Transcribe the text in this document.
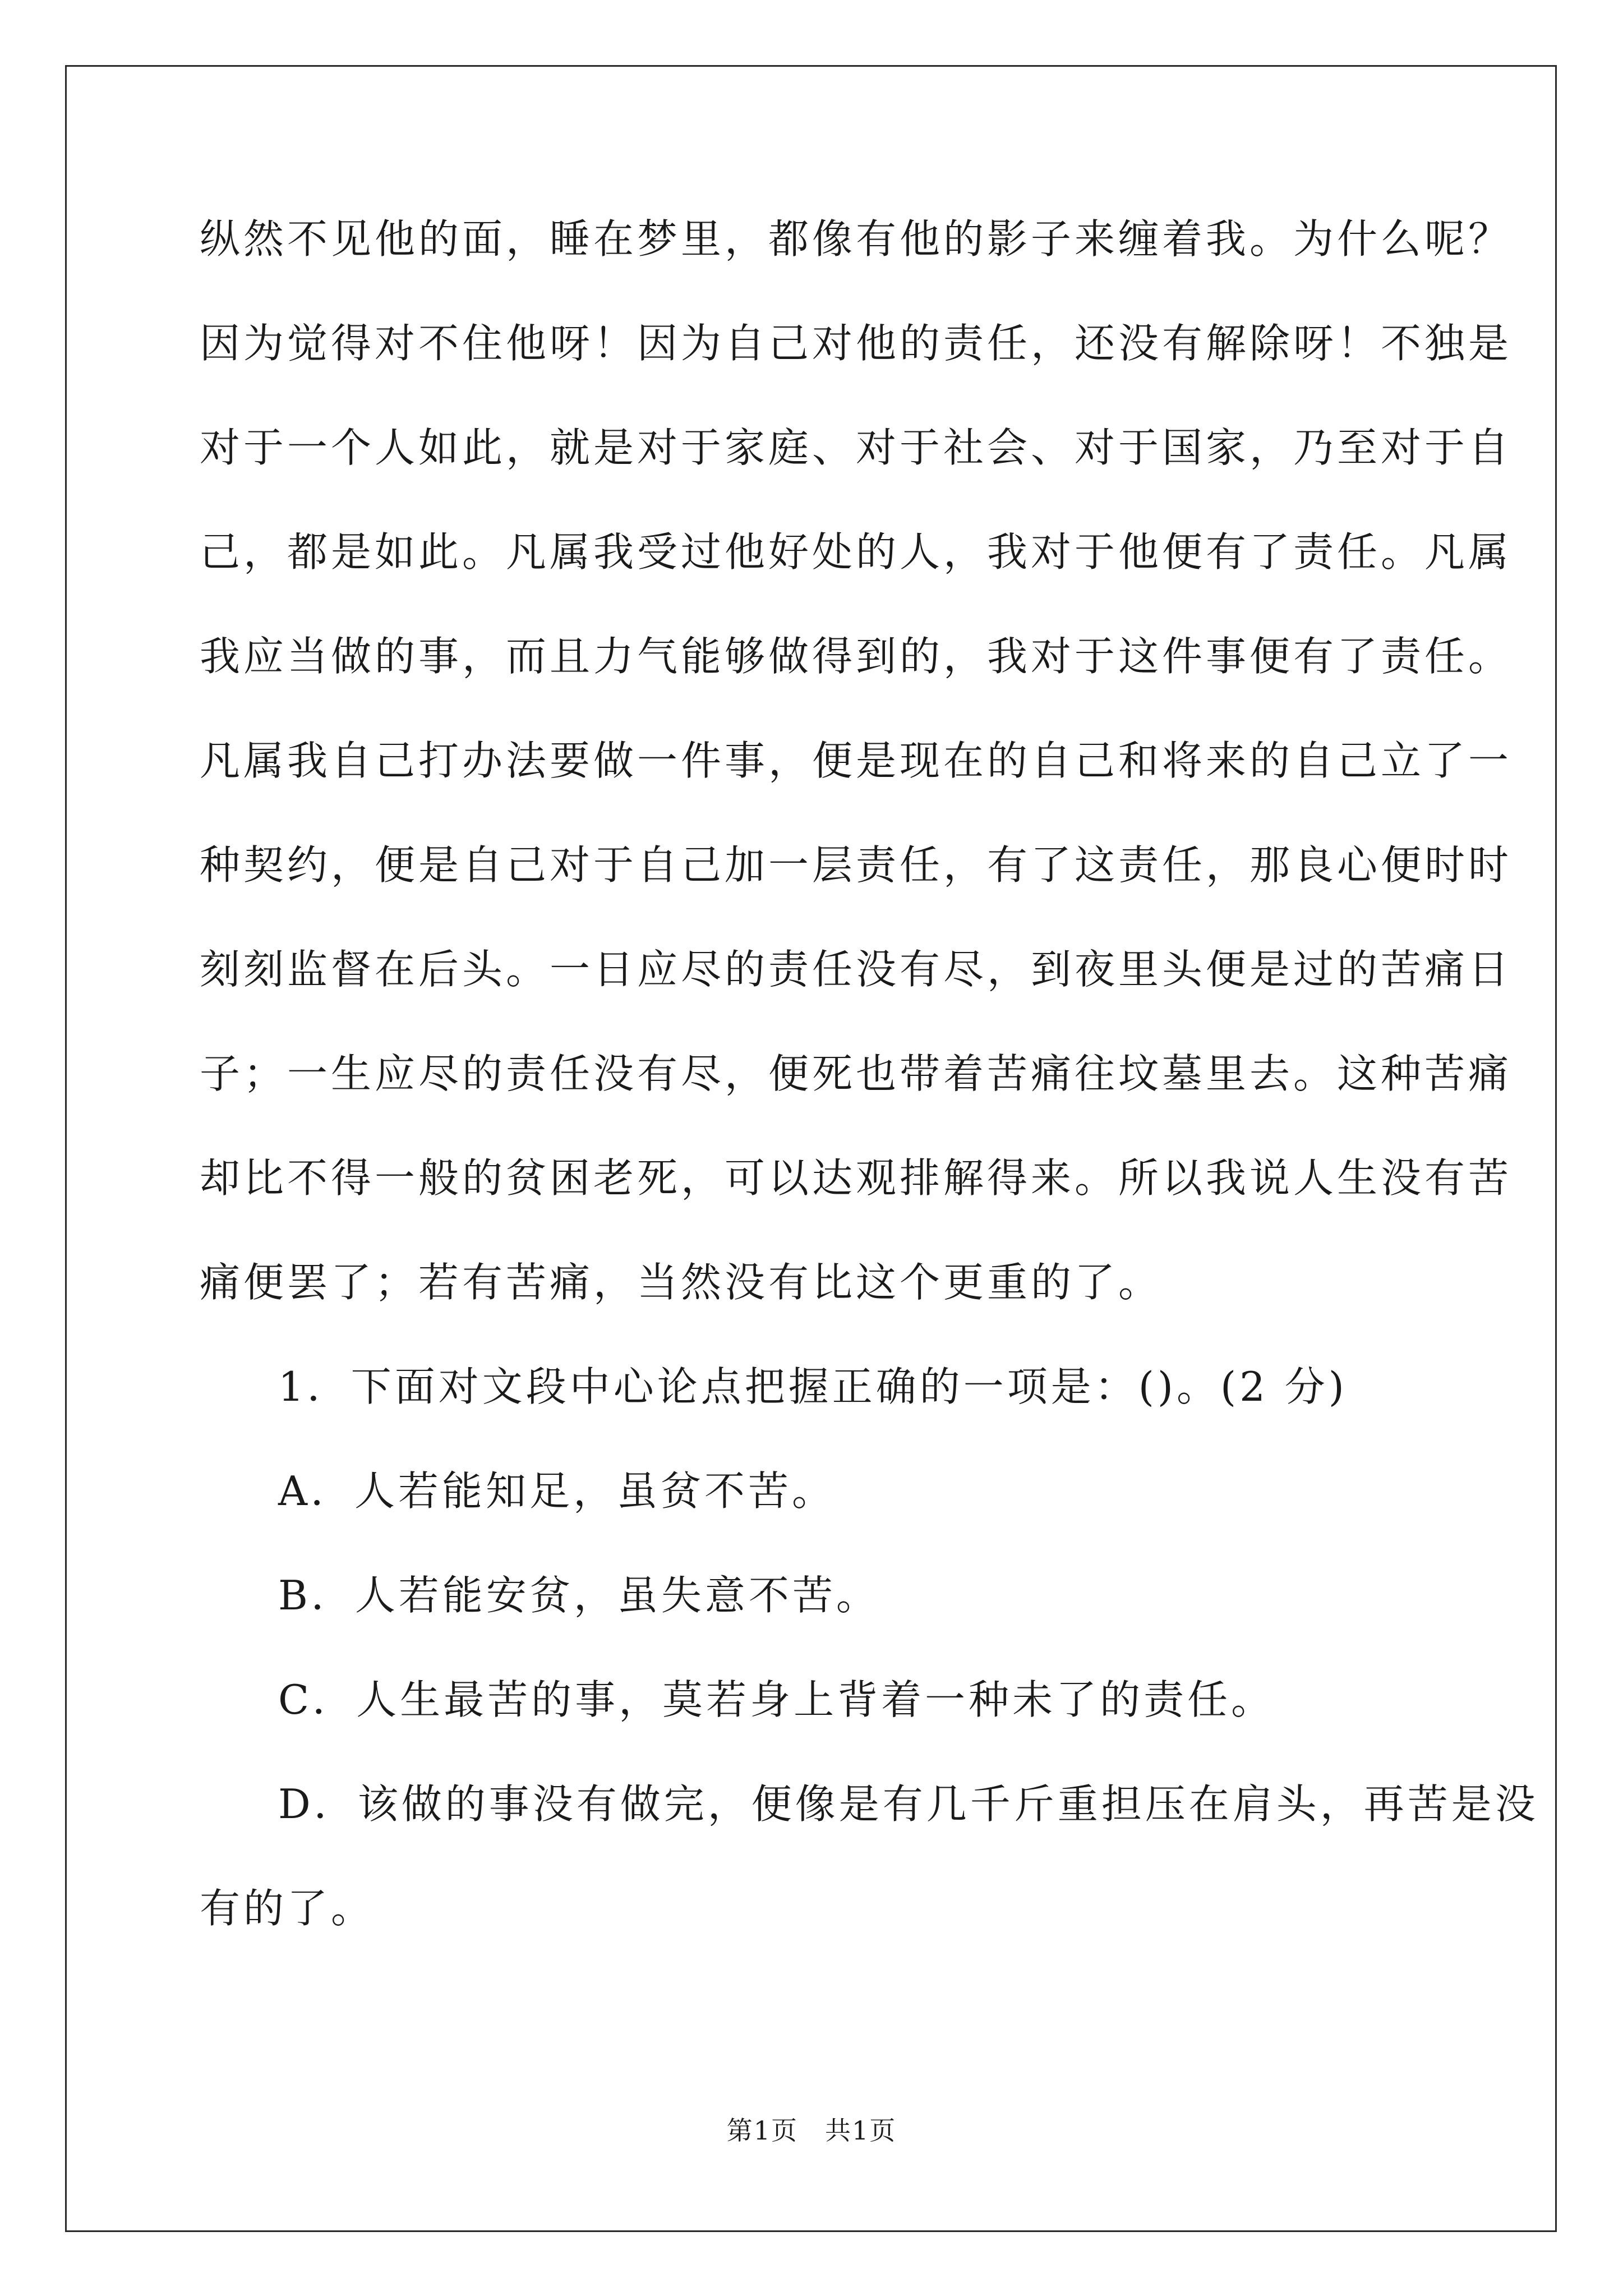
纵然不见他的面，睡在梦里，都像有他的影子来缠着我。为什么呢？
因为觉得对不住他呀！因为自己对他的责任，还没有解除呀！不独是
对于一个人如此，就是对于家庭、对于社会、对于国家，乃至对于自
己，都是如此。凡属我受过他好处的人，我对于他便有了责任。凡属
我应当做的事，而且力气能够做得到的，我对于这件事便有了责任。
凡属我自己打办法要做一件事，便是现在的自己和将来的自己立了一
种契约，便是自己对于自己加一层责任，有了这责任，那良心便时时
刻刻监督在后头。一日应尽的责任没有尽，到夜里头便是过的苦痛日
子；一生应尽的责任没有尽，便死也带着苦痛往坟墓里去。这种苦痛
却比不得一般的贫困老死，可以达观排解得来。所以我说人生没有苦
痛便罢了；若有苦痛，当然没有比这个更重的了。
1．下面对文段中心论点把握正确的一项是：()。(2 分)
A．人若能知足，虽贫不苦。
B．人若能安贫，虽失意不苦。
C．人生最苦的事，莫若身上背着一种未了的责任。
D．该做的事没有做完，便像是有几千斤重担压在肩头，再苦是没
有的了。
第1页　共1页
